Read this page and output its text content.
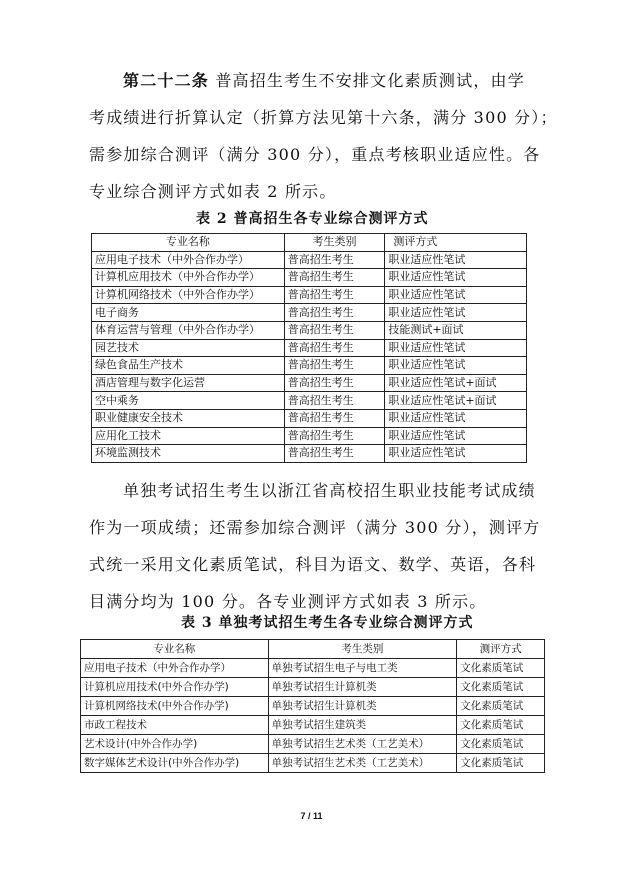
第二十二条 普高招生考生不安排文化素质测试，由学
考成绩进行折算认定（折算方法见第十六条，满分 300 分）；
需参加综合测评（满分 300 分），重点考核职业适应性。各
专业综合测评方式如表 2 所示。
表 2 普高招生各专业综合测评方式
专业名称	考生类别	测评方式
应用电子技术（中外合作办学）	普高招生考生	职业适应性笔试
计算机应用技术（中外合作办学）	普高招生考生	职业适应性笔试
计算机网络技术（中外合作办学）	普高招生考生	职业适应性笔试
电子商务	普高招生考生	职业适应性笔试
体育运营与管理（中外合作办学）	普高招生考生	技能测试+面试
园艺技术	普高招生考生	职业适应性笔试
绿色食品生产技术	普高招生考生	职业适应性笔试
酒店管理与数字化运营	普高招生考生	职业适应性笔试+面试
空中乘务	普高招生考生	职业适应性笔试+面试
职业健康安全技术	普高招生考生	职业适应性笔试
应用化工技术	普高招生考生	职业适应性笔试
环境监测技术	普高招生考生	职业适应性笔试
单独考试招生考生以浙江省高校招生职业技能考试成绩
作为一项成绩；还需参加综合测评（满分 300 分），测评方
式统一采用文化素质笔试，科目为语文、数学、英语，各科
目满分均为 100 分。各专业测评方式如表 3 所示。
表 3 单独考试招生考生各专业综合测评方式
专业名称	考生类别	测评方式
应用电子技术（中外合作办学）	单独考试招生电子与电工类	文化素质笔试
计算机应用技术(中外合作办学)	单独考试招生计算机类	文化素质笔试
计算机网络技术(中外合作办学)	单独考试招生计算机类	文化素质笔试
市政工程技术	单独考试招生建筑类	文化素质笔试
艺术设计(中外合作办学)	单独考试招生艺术类（工艺美术）	文化素质笔试
数字媒体艺术设计(中外合作办学)	单独考试招生艺术类（工艺美术）	文化素质笔试
7 / 11
